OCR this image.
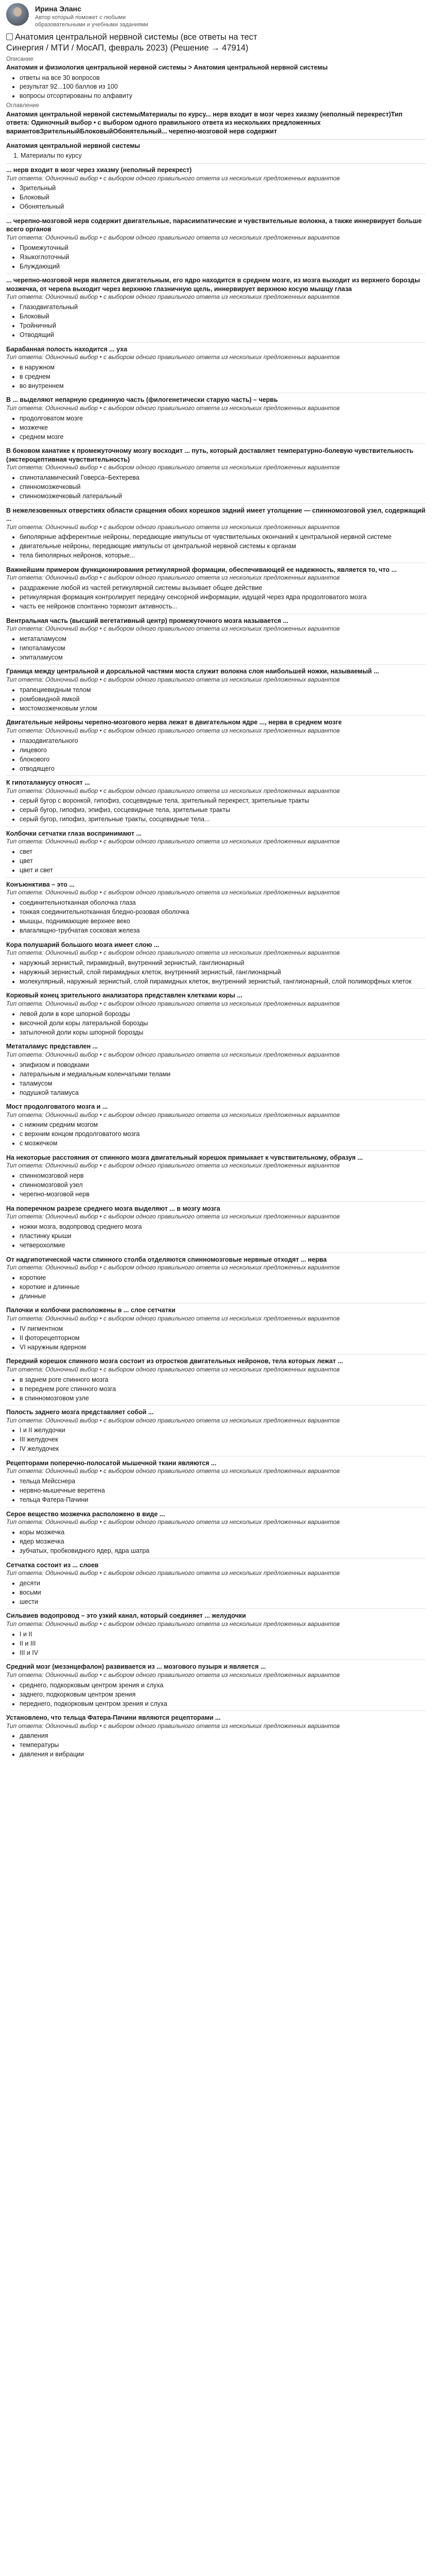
Ирина Эланс
Автор который поможет с любыми образовательными и учебными заданиями
Анатомия центральной нервной системы (все ответы на тест Синергия / МТИ / МосАП, февраль 2023) (Решение → 47914)
Описание
Анатомия и физиология центральной нервной системы > Анатомия центральной нервной системы
• ответы на все 30 вопросов
• результат 92...100 баллов из 100
• вопросы отсортированы по алфавиту
Оглавление
Анатомия центральной нервной системыМатериалы по курсу... нерв входит в мозг через хиазму (неполный перекрест)Тип ответа: Одиночный выбор • с выбором одного правильного ответа из нескольких предложенных вариантовЗрительныйБлоковыйОбонятельный... черепно-мозговой нерв содержит
Анатомия центральной нервной системы
1. Материалы по курсу
... нерв входит в мозг через хиазму (неполный перекрест)
Тип ответа: Одиночный выбор • с выбором одного правильного ответа из нескольких предложенных вариантов
• Зрительный
• Блоковый
• Обонятельный
... черепно-мозговой нерв содержит двигательные, парасимпатические и чувствительные волокна, а также иннервирует больше всего органов
Тип ответа: Одиночный выбор • с выбором одного правильного ответа из нескольких предложенных вариантов
• Промежуточный
• Языкоглоточный
• Блуждающий
... черепно-мозговой нерв является двигательным, его ядро находится в среднем мозге, из мозга выходит из верхнего борозды мозжечка, от черепа выходит через верхнюю глазничную щель, иннервирует верхнюю косую мышцу глаза
Тип ответа: Одиночный выбор • с выбором одного правильного ответа из нескольких предложенных вариантов
• Глазодвигательный
• Блоковый
• Тройничный
• Отводящий
Барабанная полость находится ... уха
Тип ответа: Одиночный выбор • с выбором одного правильного ответа из нескольких предложенных вариантов
• в наружном
• в среднем
• во внутреннем
В ... выделяют непарную срединную часть (филогенетически старую часть) – червь
Тип ответа: Одиночный выбор • с выбором одного правильного ответа из нескольких предложенных вариантов
• продолговатом мозге
• мозжечке
• среднем мозге
В боковом канатике к промежуточному мозгу восходит ... путь, который доставляет температурно-болевую чувствительность (экстероцептивная чувствительность)
Тип ответа: Одиночный выбор • с выбором одного правильного ответа из нескольких предложенных вариантов
• спиноталамический Говерса–Бехтерева
• спинномозжечковый
• спинномозжечковый латеральный
В нежелезовенных отверстиях области сращения обоих корешков задний имеет утолщение — спинномозговой узел, содержащий ...
Тип ответа: Одиночный выбор • с выбором одного правильного ответа из нескольких предложенных вариантов
• биполярные афферентные нейроны, передающие импульсы от чувствительных окончаний к центральной нервной системе
• двигательные нейроны, передающие импульсы от центральной нервной системы к органам
• тела биполярных нейронов, которые...
Важнейшим примером функционирования ретикулярной формации, обеспечивающей ее надежность, является то, что ...
Тип ответа: Одиночный выбор • с выбором одного правильного ответа из нескольких предложенных вариантов
• раздражение любой из частей ретикулярной системы вызывает общее действие
• ретикулярная формация контролирует передачу сенсорной информации, идущей через ядра продолговатого мозга
• часть ее нейронов спонтанно тормозит активность...
Вентральная часть (высший вегетативный центр) промежуточного мозга называется ...
Тип ответа: Одиночный выбор • с выбором одного правильного ответа из нескольких предложенных вариантов
• метаталамусом
• гипоталамусом
• эпиталамусом
Граница между центральной и дорсальной частями моста служит волокна слоя наибольшей ножки, называемый ...
Тип ответа: Одиночный выбор • с выбором одного правильного ответа из нескольких предложенных вариантов
• трапециевидным телом
• ромбовидной ямкой
• мостомозжечковым углом
Двигательные нейроны черепно-мозгового нерва лежат в двигательном ядре ..., нерва в среднем мозге
Тип ответа: Одиночный выбор • с выбором одного правильного ответа из нескольких предложенных вариантов
• глазодвигательного
• лицевого
• блокового
• отводящего
К гипоталамусу относят ...
Тип ответа: Одиночный выбор • с выбором одного правильного ответа из нескольких предложенных вариантов
• серый бугор с воронкой, гипофиз, сосцевидные тела, зрительный перекрест, зрительные тракты
• серый бугор, гипофиз, эпифиз, сосцевидные тела, зрительные тракты
• серый бугор, гипофиз, зрительные тракты, сосцевидные тела...
Колбочки сетчатки глаза воспринимают ...
Тип ответа: Одиночный выбор • с выбором одного правильного ответа из нескольких предложенных вариантов
• свет
• цвет
• цвет и свет
Конъюнктива – это ...
Тип ответа: Одиночный выбор • с выбором одного правильного ответа из нескольких предложенных вариантов
• соединительнотканная оболочка глаза
• тонкая соединительнотканная бледно-розовая оболочка
• мышцы, поднимающие верхнее веко
• влагалищно-трубчатая сосковая железа
Кора полушарий большого мозга имеет слою ...
Тип ответа: Одиночный выбор • с выбором одного правильного ответа из нескольких предложенных вариантов
• наружный зернистый, пирамидный, внутренний зернистый, ганглионарный
• наружный зернистый, слой пирамидных клеток, внутренний зернистый, ганглионарный
• молекулярный, наружный зернистый, слой пирамидных клеток, внутренний зернистый, ганглионарный, слой полиморфных клеток
Корковый конец зрительного анализатора представлен клетками коры ...
Тип ответа: Одиночный выбор • с выбором одного правильного ответа из нескольких предложенных вариантов
• левой доли в коре шпорной борозды
• височной доли коры латеральной борозды
• затылочной доли коры шпорной борозды
Метаталамус представлен ...
Тип ответа: Одиночный выбор • с выбором одного правильного ответа из нескольких предложенных вариантов
• эпифизом и поводками
• латеральным и медиальным коленчатыми телами
• таламусом
• подушкой таламуса
Мост продолговатого мозга и ...
Тип ответа: Одиночный выбор • с выбором одного правильного ответа из нескольких предложенных вариантов
• с нижним средним мозгом
• с верхним концом продолговатого мозга
• с мозжечком
На некоторые расстояния от спинного мозга двигательный корешок примыкает к чувствительному, образуя ...
Тип ответа: Одиночный выбор • с выбором одного правильного ответа из нескольких предложенных вариантов
• спинномозговой нерв
• спинномозговой узел
• черепно-мозговой нерв
На поперечном разрезе среднего мозга выделяют ... в мозгу мозга
Тип ответа: Одиночный выбор • с выбором одного правильного ответа из нескольких предложенных вариантов
• ножки мозга, водопровод среднего мозга
• пластинку крыши
• четверохолмие
От надгипотической части спинного столба отделяются спинномозговые нервные отходят ... нерва
Тип ответа: Одиночный выбор • с выбором одного правильного ответа из нескольких предложенных вариантов
• короткие
• короткие и длинные
• длинные
Палочки и колбочки расположены в ... слое сетчатки
Тип ответа: Одиночный выбор • с выбором одного правильного ответа из нескольких предложенных вариантов
• IV пигментном
• II фоторецепторном
• VI наружным ядерном
Передний корешок спинного мозга состоит из отростков двигательных нейронов, тела которых лежат ...
Тип ответа: Одиночный выбор • с выбором одного правильного ответа из нескольких предложенных вариантов
• в заднем роге спинного мозга
• в переднем роге спинного мозга
• в спинномозговом узле
Полость заднего мозга представляет собой ...
Тип ответа: Одиночный выбор • с выбором одного правильного ответа из нескольких предложенных вариантов
• I и II желудочки
• III желудочек
• IV желудочек
Рецепторами поперечно-полосатой мышечной ткани являются ...
Тип ответа: Одиночный выбор • с выбором одного правильного ответа из нескольких предложенных вариантов
• тельца Мейсснера
• нервно-мышечные веретена
• тельца Фатера-Пачини
Серое вещество мозжечка расположено в виде ...
Тип ответа: Одиночный выбор • с выбором одного правильного ответа из нескольких предложенных вариантов
• коры мозжечка
• ядер мозжечка
• зубчатых, пробковидного ядер, ядра шатра
Сетчатка состоит из ... слоев
Тип ответа: Одиночный выбор • с выбором одного правильного ответа из нескольких предложенных вариантов
• десяти
• восьми
• шести
Сильвиев водопровод – это узкий канал, который соединяет ... желудочки
Тип ответа: Одиночный выбор • с выбором одного правильного ответа из нескольких предложенных вариантов
• I и II
• II и III
• III и IV
Средний мозг (мезэнцефалон) развивается из ... мозгового пузыря и является ...
Тип ответа: Одиночный выбор • с выбором одного правильного ответа из нескольких предложенных вариантов
• среднего, подкорковым центром зрения и слуха
• заднего, подкорковым центром зрения
• переднего, подкорковым центром зрения и слуха
Установлено, что тельца Фатера-Пачини являются рецепторами ...
Тип ответа: Одиночный выбор • с выбором одного правильного ответа из нескольких предложенных вариантов
• давления
• температуры
• давления и вибрации
